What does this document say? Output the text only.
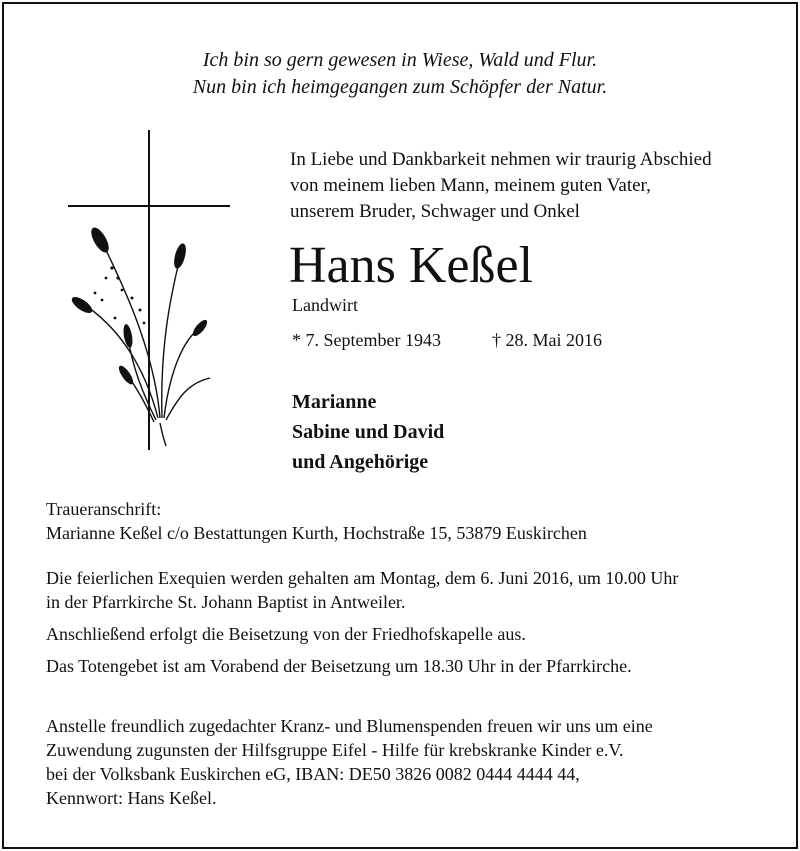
Ich bin so gern gewesen in Wiese, Wald und Flur.
Nun bin ich heimgegangen zum Schöpfer der Natur.
In Liebe und Dankbarkeit nehmen wir traurig Abschied
von meinem lieben Mann, meinem guten Vater,
unserem Bruder, Schwager und Onkel
Hans Keßel
Landwirt
* 7. September 1943	† 28. Mai 2016
Marianne
Sabine und David
und Angehörige
Traueranschrift:
Marianne Keßel c/o Bestattungen Kurth, Hochstraße 15, 53879 Euskirchen
Die feierlichen Exequien werden gehalten am Montag, dem 6. Juni 2016, um 10.00 Uhr
in der Pfarrkirche St. Johann Baptist in Antweiler.
Anschließend erfolgt die Beisetzung von der Friedhofskapelle aus.
Das Totengebet ist am Vorabend der Beisetzung um 18.30 Uhr in der Pfarrkirche.
Anstelle freundlich zugedachter Kranz- und Blumenspenden freuen wir uns um eine
Zuwendung zugunsten der Hilfsgruppe Eifel - Hilfe für krebskranke Kinder e.V.
bei der Volksbank Euskirchen eG, IBAN: DE50 3826 0082 0444 4444 44,
Kennwort: Hans Keßel.
